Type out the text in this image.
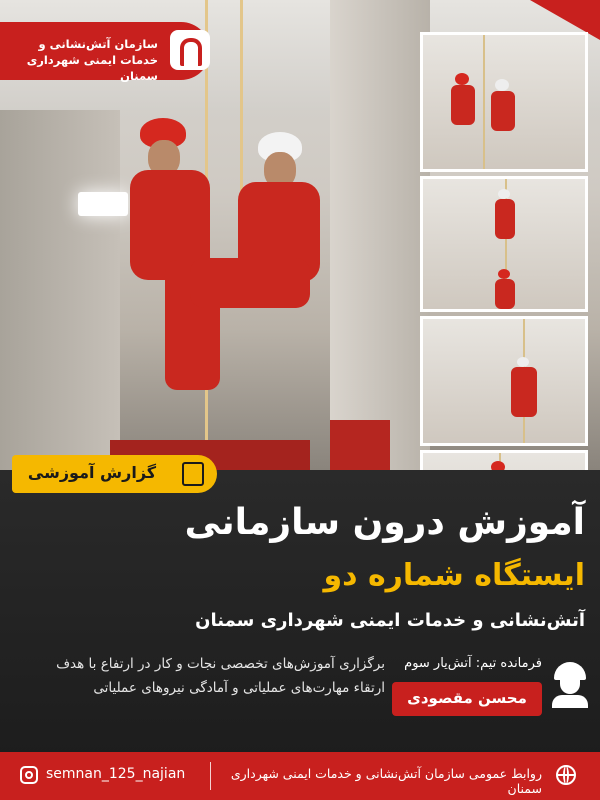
سازمان آتش‌نشانی و خدمات ایمنی شهرداری سمنان
گزارش آموزشی
آموزش درون سازمانی
ایستگاه شماره دو
آتش‌نشانی و خدمات ایمنی شهرداری سمنان
برگزاری آموزش‌های تخصصی نجات و کار در ارتفاع با هدف ارتقاء مهارت‌های عملیاتی و آمادگی نیروهای عملیاتی
فرمانده تیم: آتش‌یار سوم
محسن مقصودی
semnan_125_najian	روابط عمومی سازمان آتش‌نشانی و خدمات ایمنی شهرداری سمنان
